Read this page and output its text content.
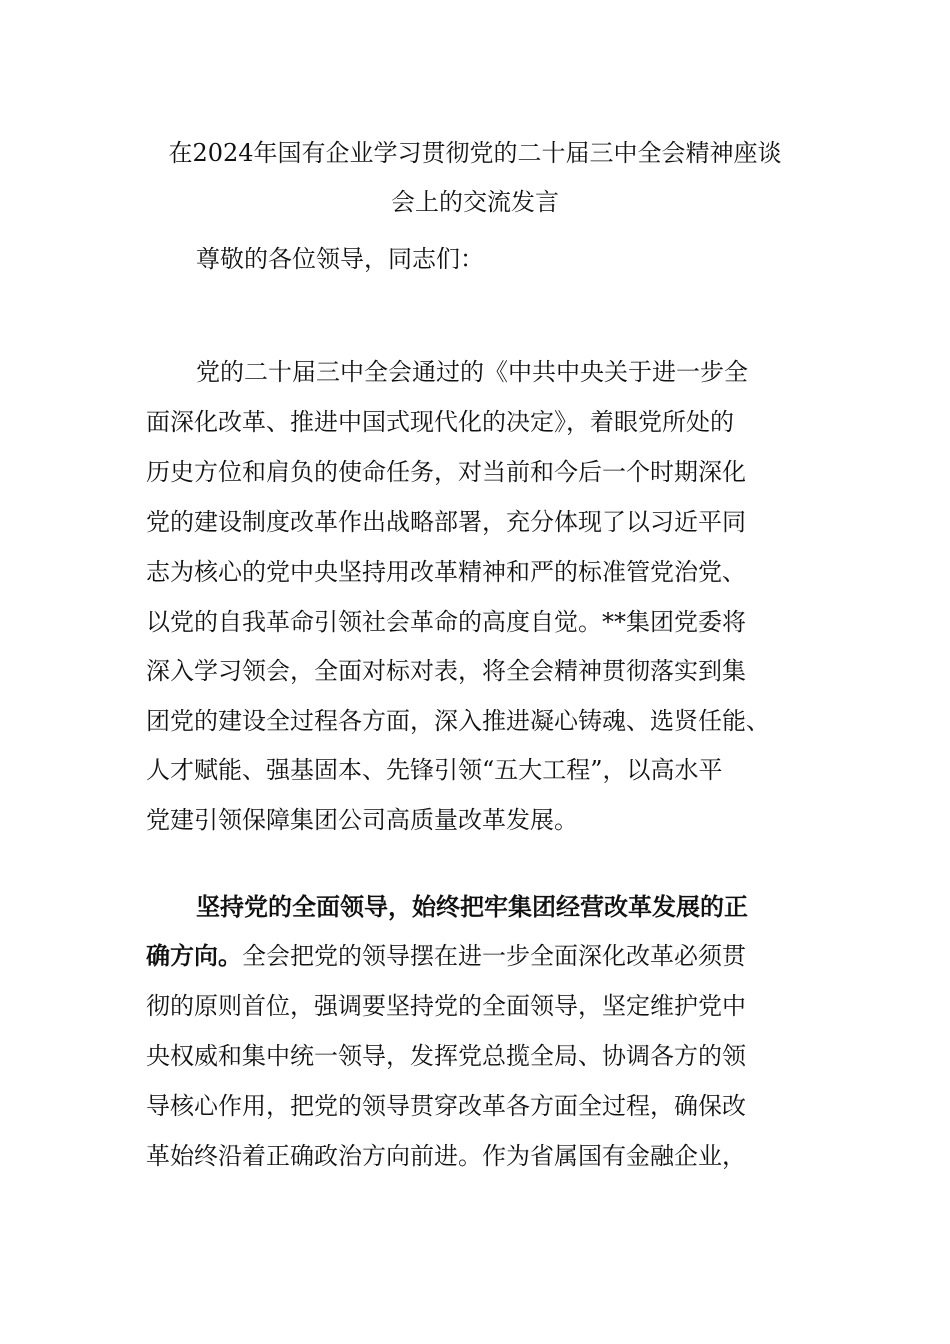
在2024年国有企业学习贯彻党的二十届三中全会精神座谈
会上的交流发言
尊敬的各位领导，同志们：
党的二十届三中全会通过的《中共中央关于进一步全
面深化改革、推进中国式现代化的决定》，着眼党所处的
历史方位和肩负的使命任务，对当前和今后一个时期深化
党的建设制度改革作出战略部署，充分体现了以习近平同
志为核心的党中央坚持用改革精神和严的标准管党治党、
以党的自我革命引领社会革命的高度自觉。**集团党委将
深入学习领会，全面对标对表，将全会精神贯彻落实到集
团党的建设全过程各方面，深入推进凝心铸魂、选贤任能、
人才赋能、强基固本、先锋引领“五大工程”，以高水平
党建引领保障集团公司高质量改革发展。
坚持党的全面领导，始终把牢集团经营改革发展的正
确方向。全会把党的领导摆在进一步全面深化改革必须贯
彻的原则首位，强调要坚持党的全面领导，坚定维护党中
央权威和集中统一领导，发挥党总揽全局、协调各方的领
导核心作用，把党的领导贯穿改革各方面全过程，确保改
革始终沿着正确政治方向前进。作为省属国有金融企业，
